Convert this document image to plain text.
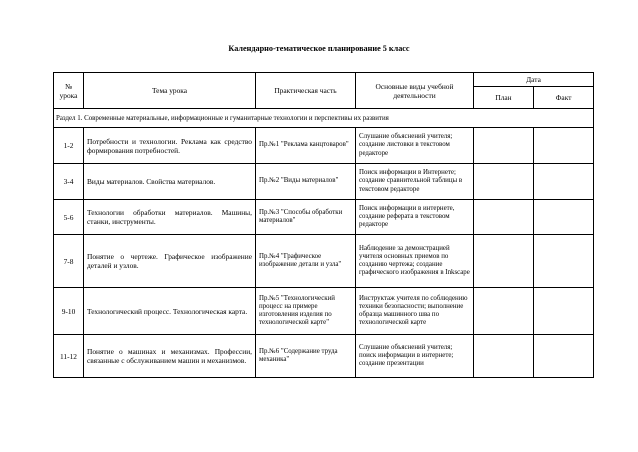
Календарно-тематическое планирование 5 класс
№ урока	Тема урока	Практическая часть	Основные виды учебной деятельности	Дата	
				План	Факт
Раздел 1. Современные материальные, информационные и гуманитарные технологии и перспективы их развития					
1-2	Потребности и технологии. Реклама как средство формирования потребностей.	Пр.№1 "Реклама канцтоваров"	Слушание объяснений учителя; создание листовки в текстовом редакторе		
3-4	Виды материалов. Свойства материалов.	Пр.№2 "Виды материалов"	Поиск информации в Интернете; создание сравнительной таблицы в текстовом редакторе		
5-6	Технологии обработки материалов. Машины, станки, инструменты.	Пр.№3 "Способы обработки материалов"	Поиск информации в интернете, создание реферата в текстовом редакторе		
7-8	Понятие о чертеже. Графическое изображение деталей и узлов.	Пр.№4 "Графическое изображение детали и узла"	Наблюдение за демонстрацией учителя основных приемов по созданию чертежа; создание графического изображения в Inkscape		
9-10	Технологический процесс. Технологическая карта.	Пр.№5 "Технологический процесс на примере изготовления изделия по технологической карте"	Инструктаж учителя по соблюдению техники безопасности; выполнение образца машинного шва по технологической карте		
11-12	Понятие о машинах и механизмах. Профессии, связанные с обслуживанием машин и механизмов.	Пр.№6 "Содержание труда механика"	Слушание объяснений учителя; поиск информации в интернете; создание презентации		
